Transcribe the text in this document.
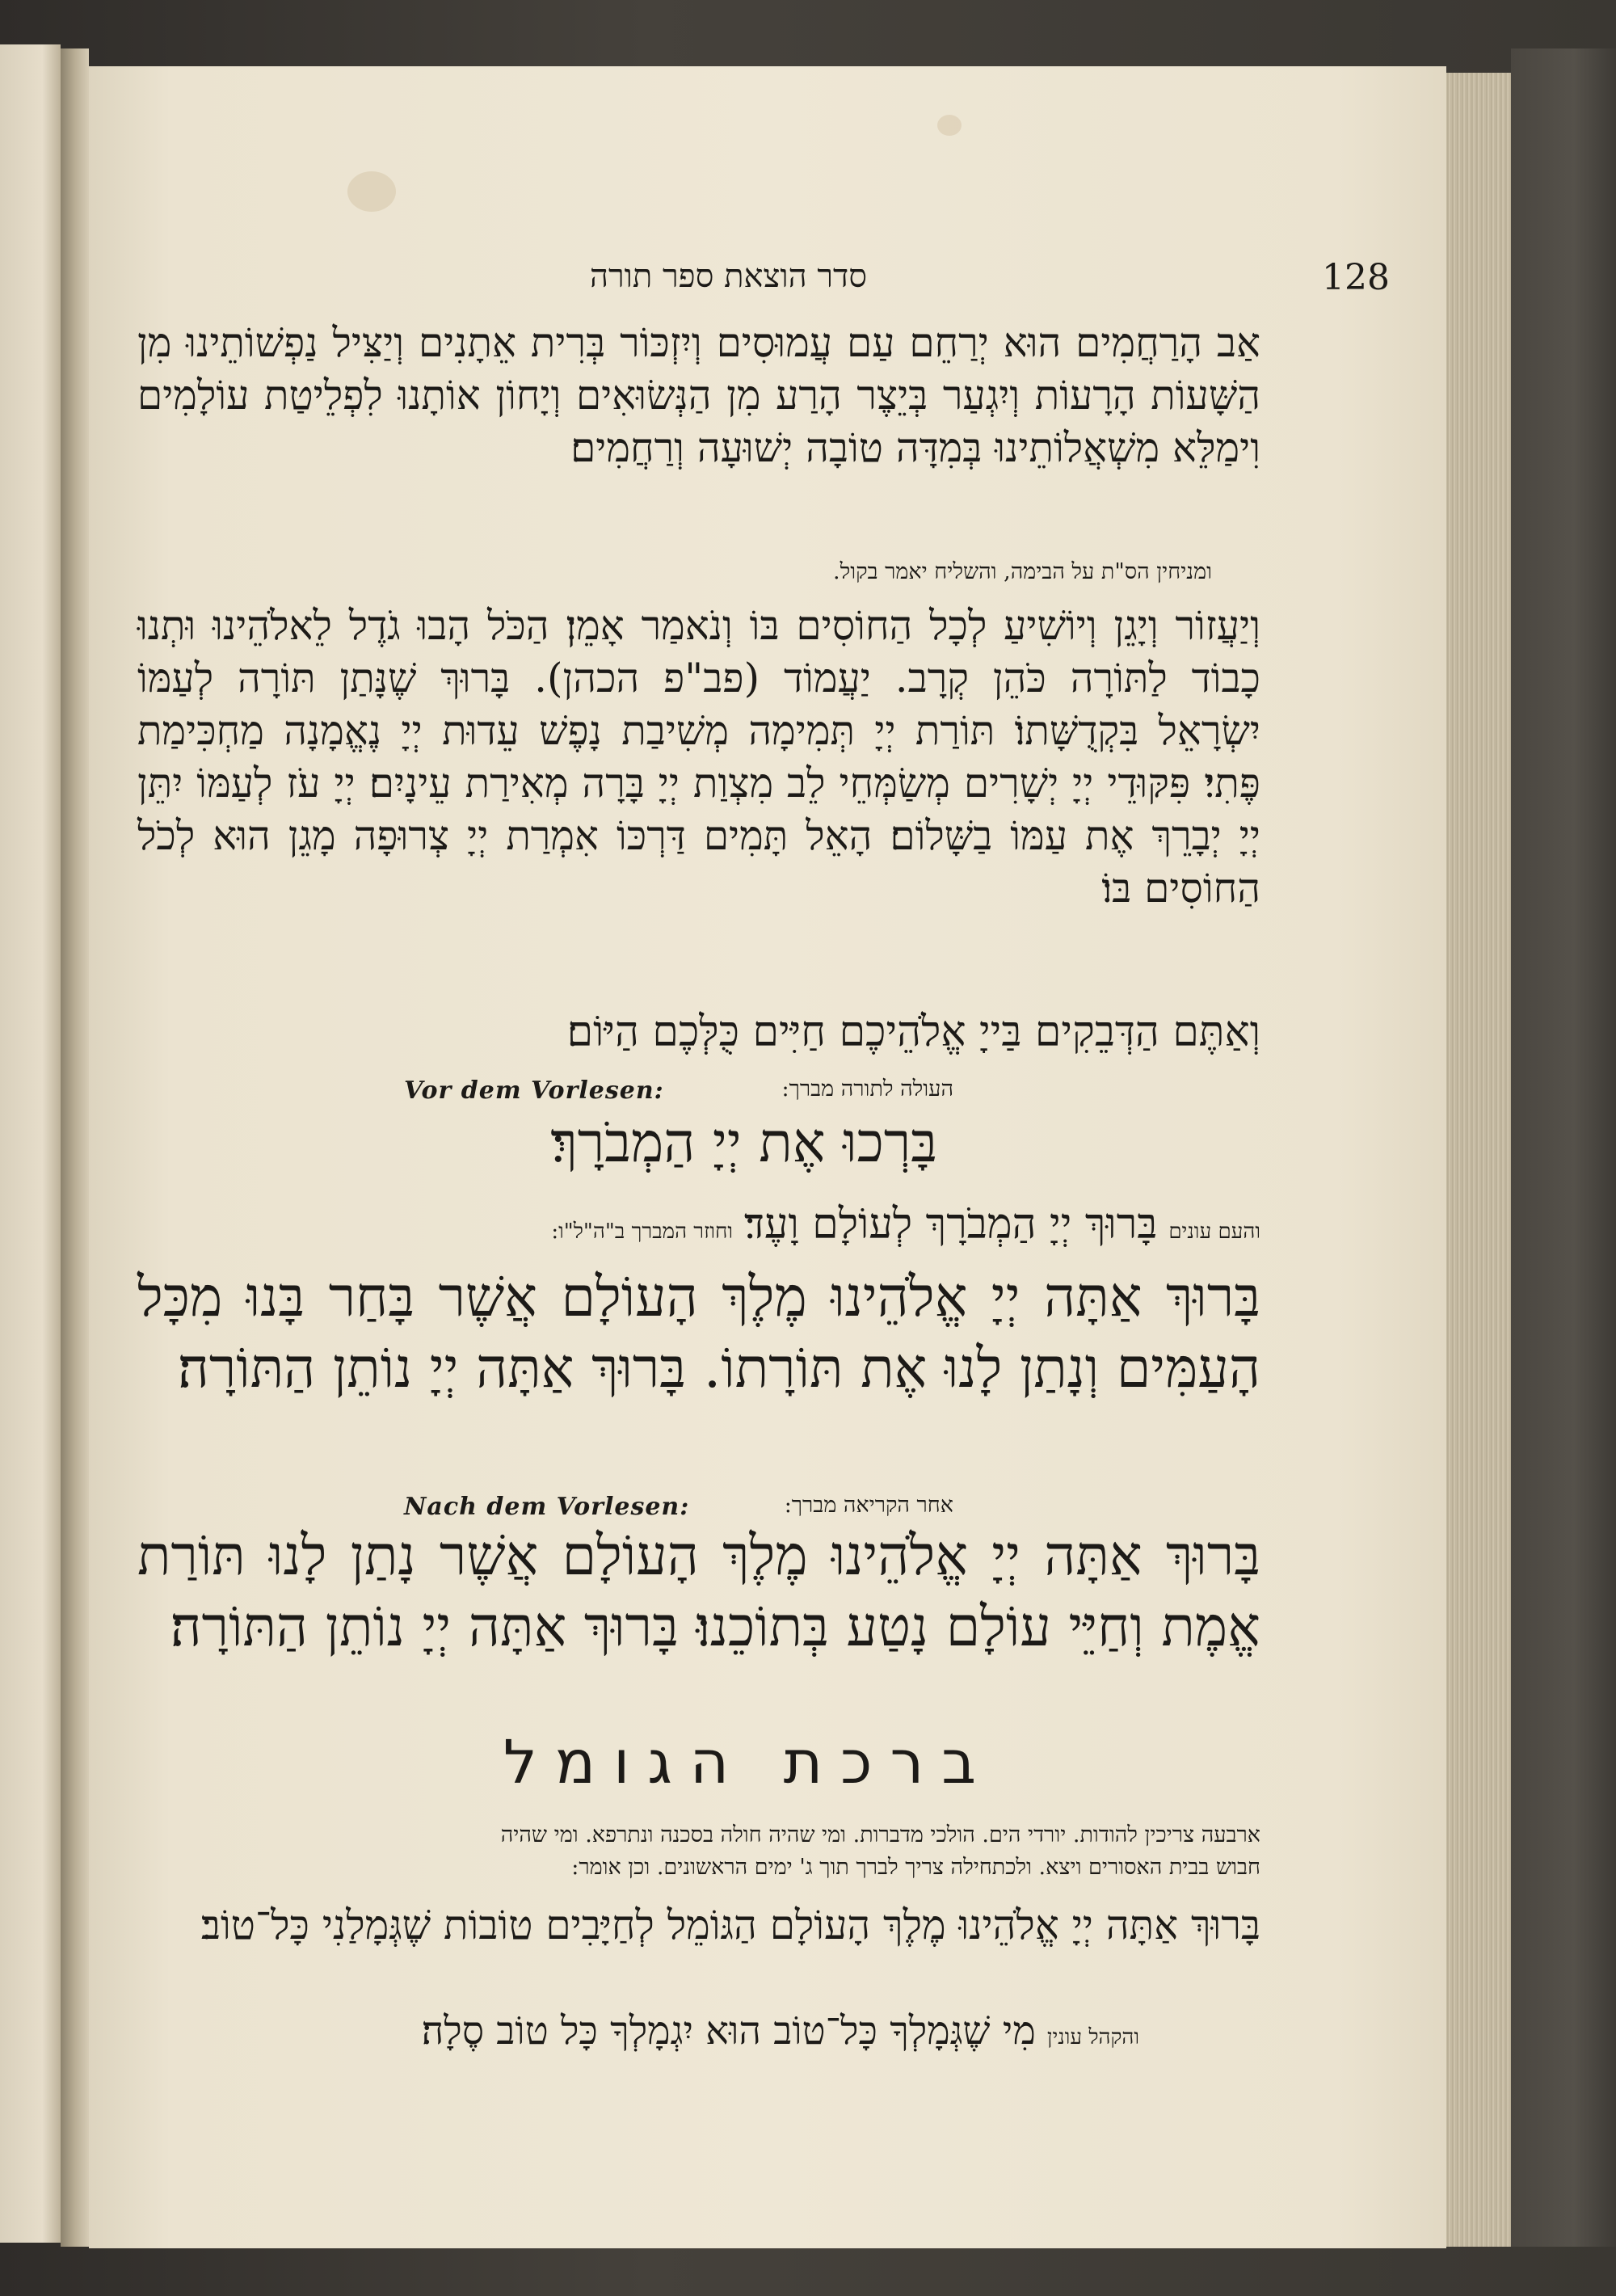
128
סדר הוצאת ספר תורה
אַב הָרַחֲמִים הוּא יְרַחֵם עַם עֲמוּסִים וְיִזְכּוֹר בְּרִית אֵתָנִים וְיַצִּיל נַפְשׁוֹתֵינוּ מִן הַשָּׁעוֹת הָרָעוֹת וְיִגְעַר בְּיֵצֶר הָרַע מִן הַנְּשׂוּאִים וְיָחוֹן אוֹתָנוּ לִפְלֵיטַת עוֹלָמִים וִימַלֵּא מִשְׁאֲלוֹתֵינוּ בְּמִדָּה טוֹבָה יְשׁוּעָה וְרַחֲמִים׃
ומניחין הס"ת על הבימה, והשליח יאמר בקול.
וְיַעֲזוֹר וְיָגֵן וְיוֹשִׁיעַ לְכָל הַחוֹסִים בּוֹ וְנֹאמַר אָמֵן׃ הַכֹּל הָבוּ גֹדֶל לֵאלֹהֵינוּ וּתְנוּ כָבוֹד לַתּוֹרָה כֹּהֵן קְרָב. יַעֲמוֹד (פב"פ הכהן). בָּרוּךְ שֶׁנָּתַן תּוֹרָה לְעַמּוֹ יִשְׂרָאֵל בִּקְדֻשָּׁתוֹ׃ תּוֹרַת יְיָ תְּמִימָה מְשִׁיבַת נָפֶשׁ עֵדוּת יְיָ נֶאֱמָנָה מַחְכִּימַת פֶּתִי׃ פִּקּוּדֵי יְיָ יְשָׁרִים מְשַׂמְּחֵי לֵב מִצְוַת יְיָ בָּרָה מְאִירַת עֵינָיִם׃ יְיָ עֹז לְעַמּוֹ יִתֵּן יְיָ יְבָרֵךְ אֶת עַמּוֹ בַשָּׁלוֹם׃ הָאֵל תָּמִים דַּרְכּוֹ אִמְרַת יְיָ צְרוּפָה מָגֵן הוּא לְכֹל הַחוֹסִים בּוֹ׃
וְאַתֶּם הַדְּבֵקִים בַּייָ אֱלֹהֵיכֶם חַיִּים כֻּלְּכֶם הַיּוֹם׃
Vor dem Vorlesen:	העולה לתורה מברך:
בָּרְכוּ אֶת יְיָ הַמְבֹרָךְ׃
והעם עונים
בָּרוּךְ יְיָ הַמְבֹרָךְ לְעוֹלָם וָעֶד׃
וחוזר המברך ב"ה"ל"ו:
בָּרוּךְ אַתָּה יְיָ אֱלֹהֵינוּ מֶלֶךְ הָעוֹלָם אֲשֶׁר בָּחַר בָּנוּ מִכָּל הָעַמִּים וְנָתַן לָנוּ אֶת תּוֹרָתוֹ. בָּרוּךְ אַתָּה יְיָ נוֹתֵן הַתּוֹרָה׃
Nach dem Vorlesen:	אחר הקריאה מברך:
בָּרוּךְ אַתָּה יְיָ אֱלֹהֵינוּ מֶלֶךְ הָעוֹלָם אֲשֶׁר נָתַן לָנוּ תּוֹרַת אֱמֶת וְחַיֵּי עוֹלָם נָטַע בְּתוֹכֵנוּ׃ בָּרוּךְ אַתָּה יְיָ נוֹתֵן הַתּוֹרָה׃
ברכת הגומל
ארבעה צריכין להודות. יורדי הים. הולכי מדברות. ומי שהיה חולה בסכנה ונתרפא. ומי שהיה
חבוש בבית האסורים ויצא. ולכתחילה צריך לברך תוך ג' ימים הראשונים. וכן אומר:
בָּרוּךְ אַתָּה יְיָ אֱלֹהֵינוּ מֶלֶךְ הָעוֹלָם הַגּוֹמֵל לְחַיָּבִים טוֹבוֹת שֶׁגְּמָלַנִי כָּל־טוֹב׃
והקהל עונין
מִי שֶׁגְּמָלְךָ כָּל־טוֹב הוּא יִגְמָלְךָ כָּל טוֹב סֶלָה׃
